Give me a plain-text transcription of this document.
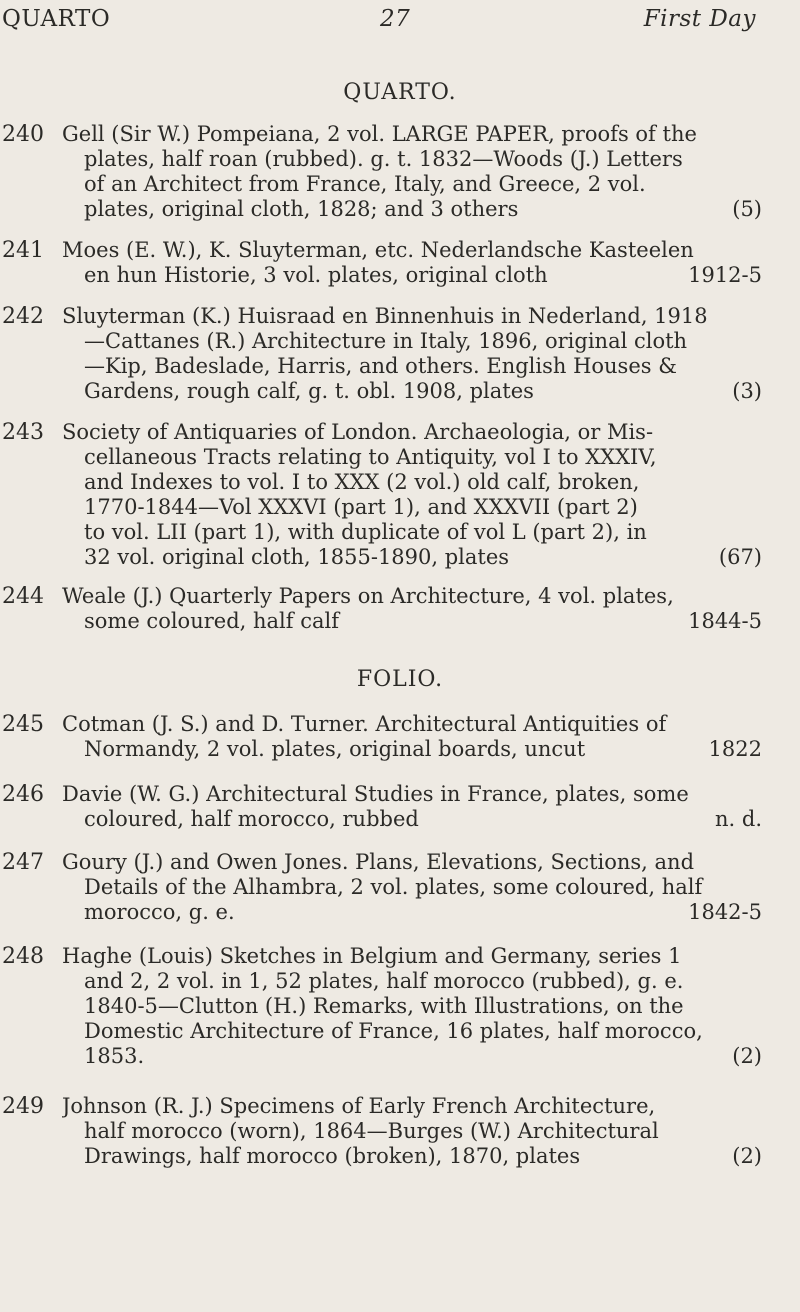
QUARTO	27	First Day
QUARTO.
240 Gell (Sir W.) Pompeiana, 2 vol. LARGE PAPER, proofs of the
plates, half roan (rubbed). g. t. 1832—Woods (J.) Letters
of an Architect from France, Italy, and Greece, 2 vol.
plates, original cloth, 1828; and 3 others	(5)
241 Moes (E. W.), K. Sluyterman, etc. Nederlandsche Kasteelen
en hun Historie, 3 vol. plates, original cloth	1912-5
242 Sluyterman (K.) Huisraad en Binnenhuis in Nederland, 1918
—Cattanes (R.) Architecture in Italy, 1896, original cloth
—Kip, Badeslade, Harris, and others. English Houses &
Gardens, rough calf, g. t. obl. 1908, plates	(3)
243 Society of Antiquaries of London. Archaeologia, or Mis-
cellaneous Tracts relating to Antiquity, vol I to XXXIV,
and Indexes to vol. I to XXX (2 vol.) old calf, broken,
1770-1844—Vol XXXVI (part 1), and XXXVII (part 2)
to vol. LII (part 1), with duplicate of vol L (part 2), in
32 vol. original cloth, 1855-1890, plates	(67)
244 Weale (J.) Quarterly Papers on Architecture, 4 vol. plates,
some coloured, half calf	1844-5
FOLIO.
245 Cotman (J. S.) and D. Turner. Architectural Antiquities of
Normandy, 2 vol. plates, original boards, uncut	1822
246 Davie (W. G.) Architectural Studies in France, plates, some
coloured, half morocco, rubbed	n. d.
247 Goury (J.) and Owen Jones. Plans, Elevations, Sections, and
Details of the Alhambra, 2 vol. plates, some coloured, half
morocco, g. e.	1842-5
248 Haghe (Louis) Sketches in Belgium and Germany, series 1
and 2, 2 vol. in 1, 52 plates, half morocco (rubbed), g. e.
1840-5—Clutton (H.) Remarks, with Illustrations, on the
Domestic Architecture of France, 16 plates, half morocco,
1853.	(2)
249 Johnson (R. J.) Specimens of Early French Architecture,
half morocco (worn), 1864—Burges (W.) Architectural
Drawings, half morocco (broken), 1870, plates	(2)
